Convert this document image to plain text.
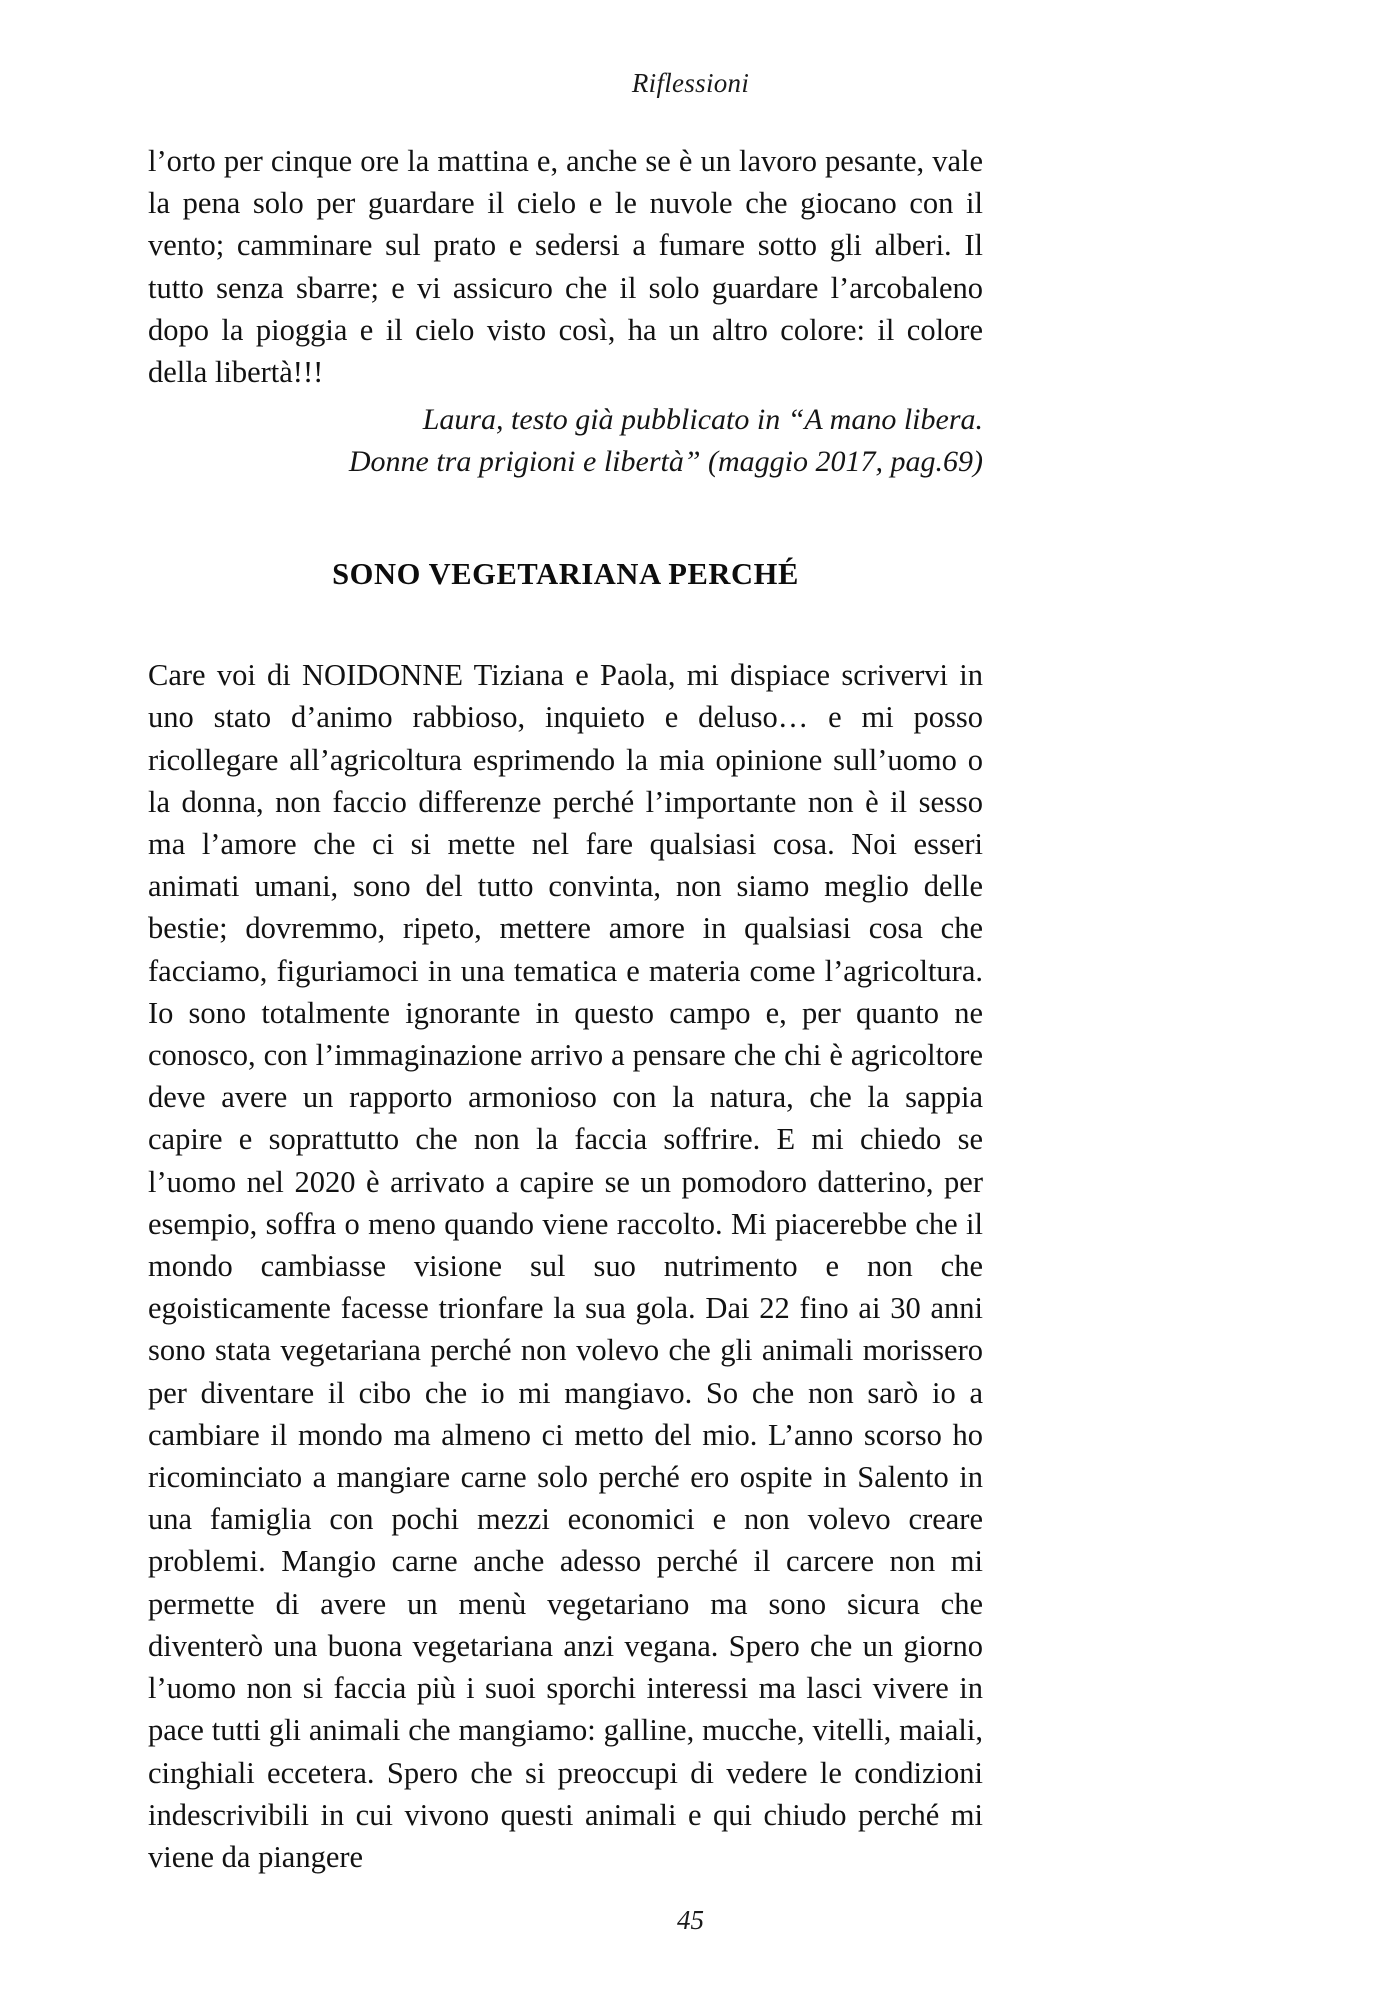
Riflessioni

l’orto per cinque ore la mattina e, anche se è un lavoro pesante, vale la pena solo per guardare il cielo e le nuvole che giocano con il vento; camminare sul prato e sedersi a fumare sotto gli alberi. Il tutto senza sbarre; e vi assicuro che il solo guardare l’arcobaleno dopo la pioggia e il cielo visto così, ha un altro colore: il colore della libertà!!!

Laura, testo già pubblicato in “A mano libera.
Donne tra prigioni e libertà” (maggio 2017, pag.69)
SONO VEGETARIANA PERCHÉ

Care voi di NOIDONNE Tiziana e Paola, mi dispiace scrivervi in uno stato d’animo rabbioso, inquieto e deluso… e mi posso ricollegare all’agricoltura esprimendo la mia opinione sull’uomo o la donna, non faccio differenze perché l’importante non è il sesso ma l’amore che ci si mette nel fare qualsiasi cosa. Noi esseri animati umani, sono del tutto convinta, non siamo meglio delle bestie; dovremmo, ripeto, mettere amore in qualsiasi cosa che facciamo, figuriamoci in una tematica e materia come l’agricoltura. Io sono totalmente ignorante in questo campo e, per quanto ne conosco, con l’immaginazione arrivo a pensare che chi è agricoltore deve avere un rapporto armonioso con la natura, che la sappia capire e soprattutto che non la faccia soffrire. E mi chiedo se l’uomo nel 2020 è arrivato a capire se un pomodoro datterino, per esempio, soffra o meno quando viene raccolto. Mi piacerebbe che il mondo cambiasse visione sul suo nutrimento e non che egoisticamente facesse trionfare la sua gola. Dai 22 fino ai 30 anni sono stata vegetariana perché non volevo che gli animali morissero per diventare il cibo che io mi mangiavo. So che non sarò io a cambiare il mondo ma almeno ci metto del mio. L’anno scorso ho ricominciato a mangiare carne solo perché ero ospite in Salento in una famiglia con pochi mezzi economici e non volevo creare problemi. Mangio carne anche adesso perché il carcere non mi permette di avere un menù vegetariano ma sono sicura che diventerò una buona vegetariana anzi vegana. Spero che un giorno l’uomo non si faccia più i suoi sporchi interessi ma lasci vivere in pace tutti gli animali che mangiamo: galline, mucche, vitelli, maiali, cinghiali eccetera. Spero che si preoccupi di vedere le condizioni indescrivibili in cui vivono questi animali e qui chiudo perché mi viene da piangere

45
